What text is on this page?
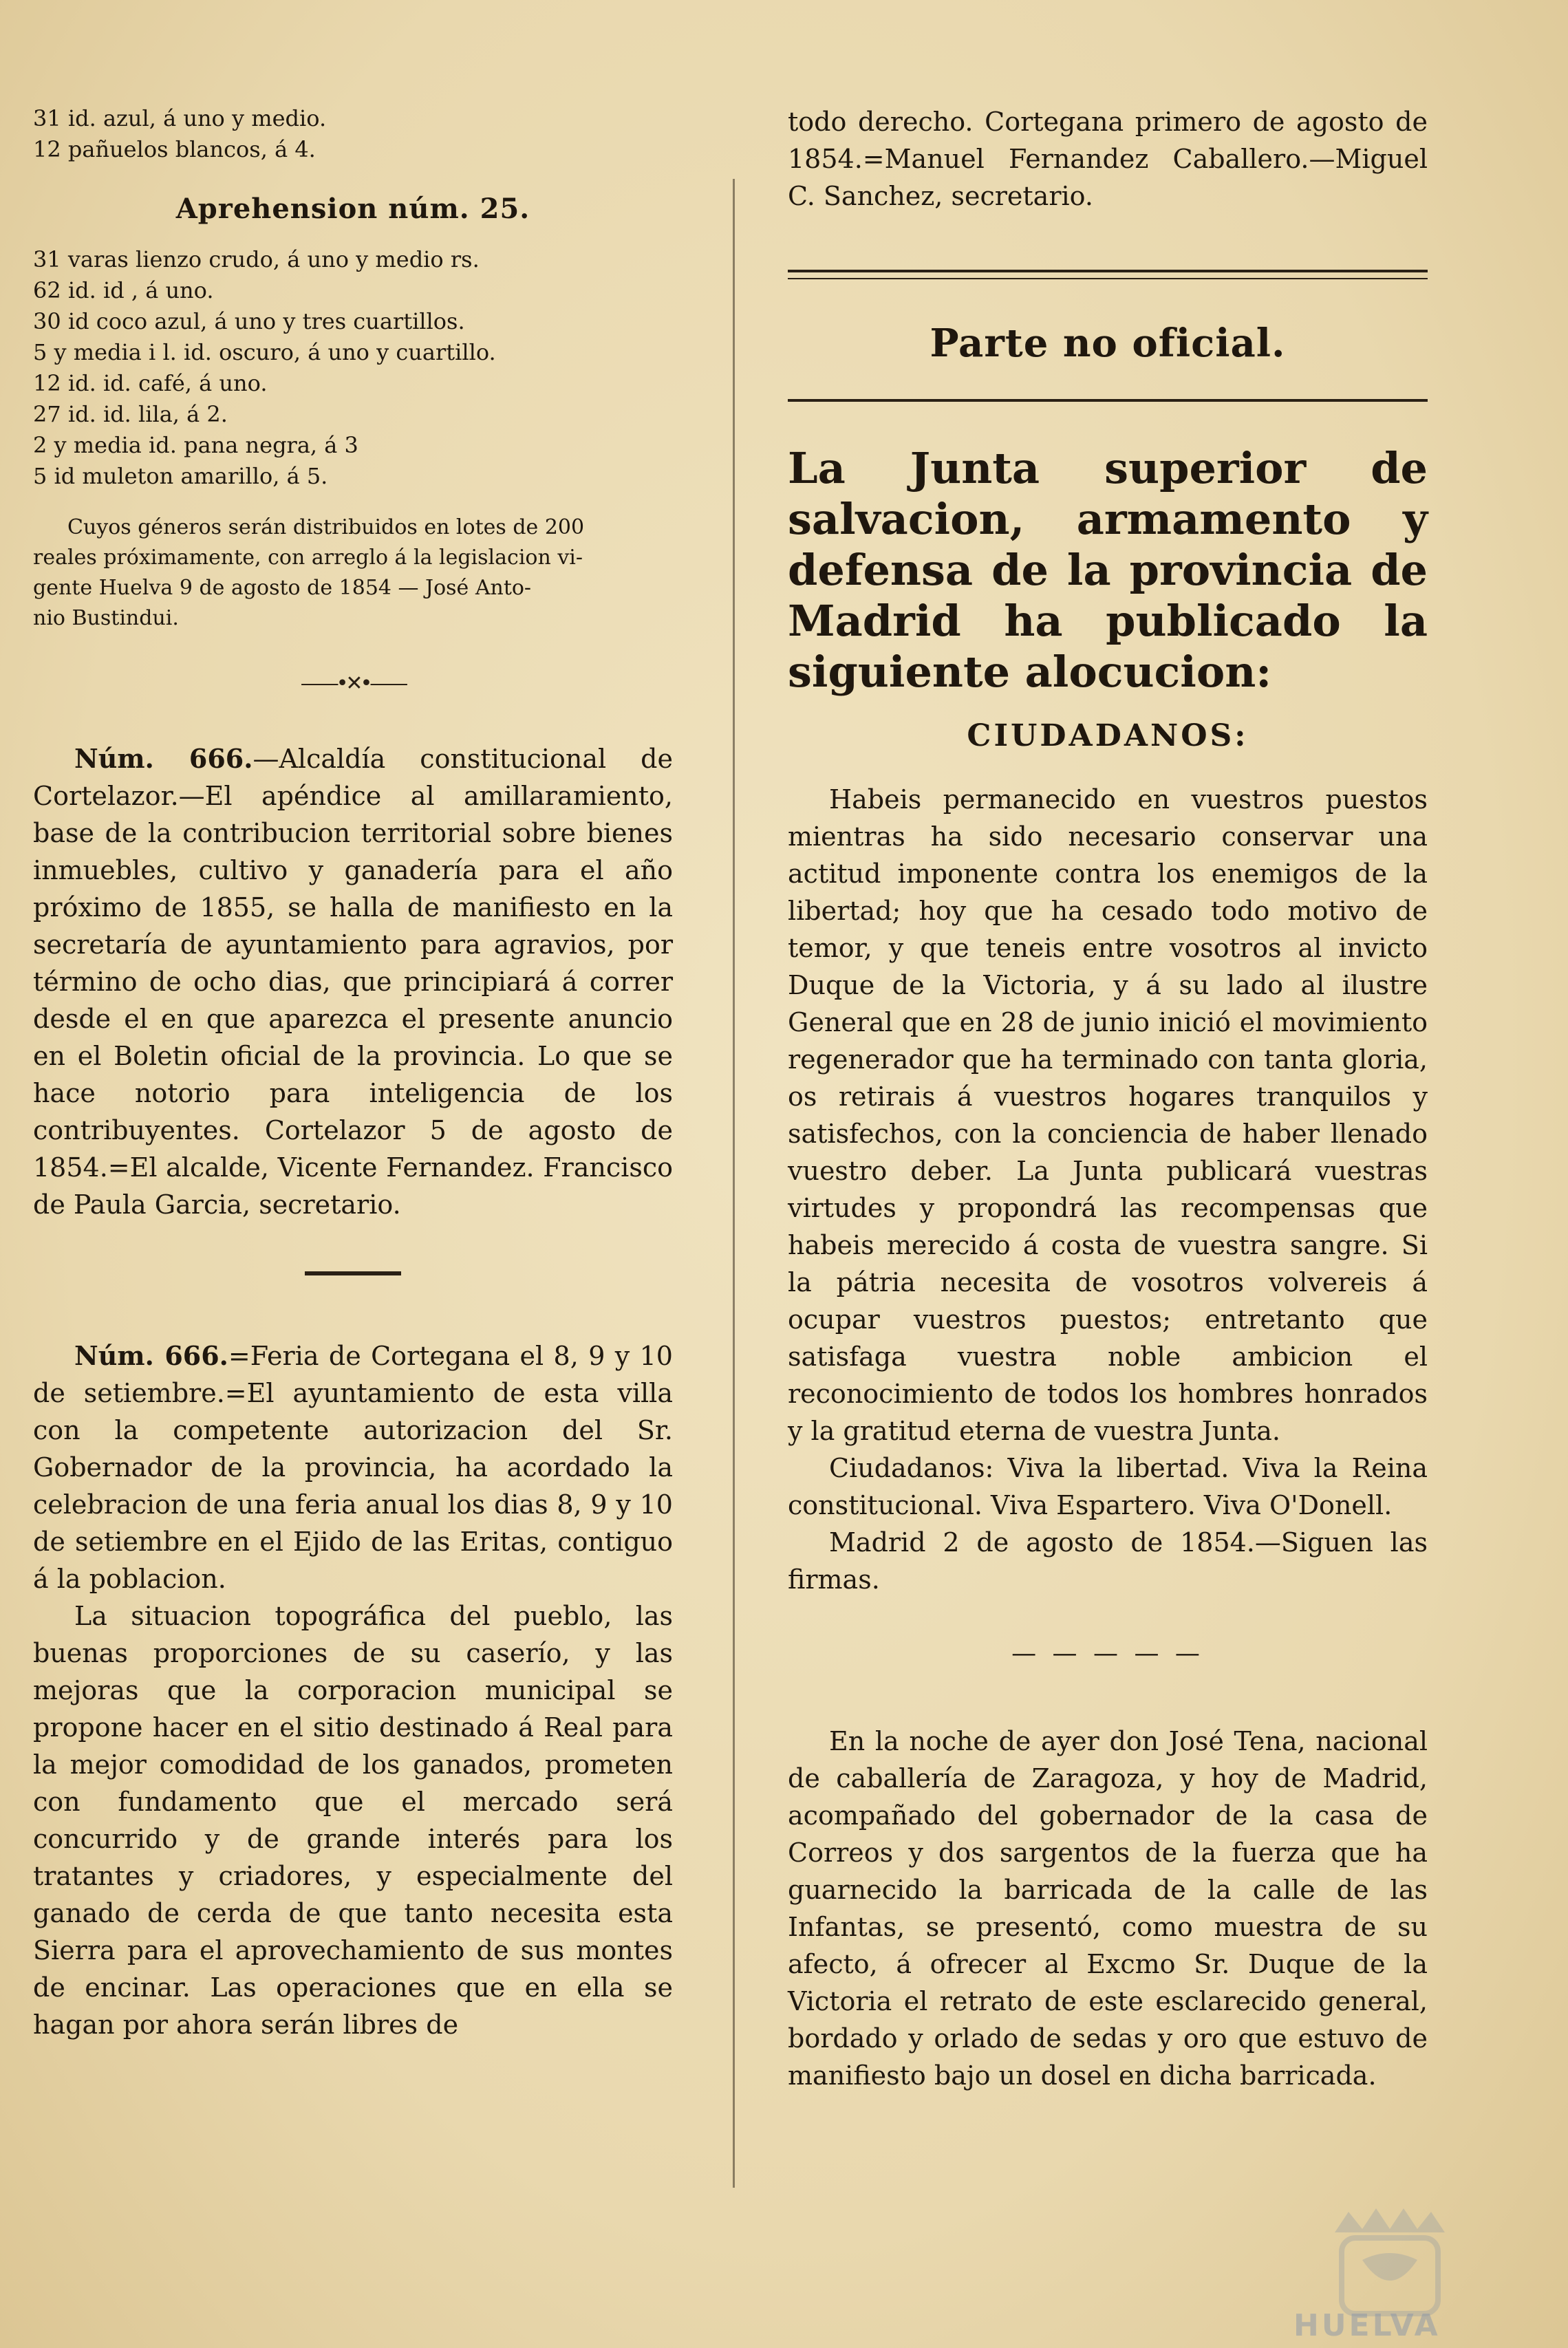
31 id. azul, á uno y medio.

12 pañuelos blancos, á 4.

Aprehension núm. 25.

31 varas lienzo crudo, á uno y medio rs.

62 id. id , á uno.

30 id coco azul, á uno y tres cuartillos.

5 y media i l. id. oscuro, á uno y cuartillo.

12 id. id. café, á uno.

27 id. id. lila, á 2.

2 y media id. pana negra, á 3

5 id muleton amarillo, á 5.

Cuyos géneros serán distribuidos en lotes de 200

reales próximamente, con arreglo á la legislacion vi-

gente Huelva 9 de agosto de 1854 — José Anto-

nio Bustindui.

——•✕•——

Núm. 666.—Alcaldía constitucional de Cortelazor.—El apéndice al amillaramiento, base de la contribucion territorial sobre bienes inmuebles, cultivo y ganadería para el año próximo de 1855, se halla de manifiesto en la secretaría de ayuntamiento para agravios, por término de ocho dias, que principiará á correr desde el en que aparezca el presente anuncio en el Boletin oficial de la provincia. Lo que se hace notorio para inteligencia de los contribuyentes. Cortelazor 5 de agosto de 1854.=El alcalde, Vicente Fernandez. Francisco de Paula Garcia, secretario.

Núm. 666.=Feria de Cortegana el 8, 9 y 10 de setiembre.=El ayuntamiento de esta villa con la competente autorizacion del Sr. Gobernador de la provincia, ha acordado la celebracion de una feria anual los dias 8, 9 y 10 de setiembre en el Ejido de las Eritas, contiguo á la poblacion.

La situacion topográfica del pueblo, las buenas proporciones de su caserío, y las mejoras que la corporacion municipal se propone hacer en el sitio destinado á Real para la mejor comodidad de los ganados, prometen con fundamento que el mercado será concurrido y de grande interés para los tratantes y criadores, y especialmente del ganado de cerda de que tanto necesita esta Sierra para el aprovechamiento de sus montes de encinar. Las operaciones que en ella se hagan por ahora serán libres de

todo derecho. Cortegana primero de agosto de 1854.=Manuel Fernandez Caballero.—Miguel C. Sanchez, secretario.

Parte no oficial.

La Junta superior de salvacion, armamento y defensa de la provincia de Madrid ha publicado la siguiente alocucion:

CIUDADANOS:

Habeis permanecido en vuestros puestos mientras ha sido necesario conservar una actitud imponente contra los enemigos de la libertad; hoy que ha cesado todo motivo de temor, y que teneis entre vosotros al invicto Duque de la Victoria, y á su lado al ilustre General que en 28 de junio inició el movimiento regenerador que ha terminado con tanta gloria, os retirais á vuestros hogares tranquilos y satisfechos, con la conciencia de haber llenado vuestro deber. La Junta publicará vuestras virtudes y propondrá las recompensas que habeis merecido á costa de vuestra sangre. Si la pátria necesita de vosotros volvereis á ocupar vuestros puestos; entretanto que satisfaga vuestra noble ambicion el reconocimiento de todos los hombres honrados y la gratitud eterna de vuestra Junta.

Ciudadanos: Viva la libertad. Viva la Reina constitucional. Viva Espartero. Viva O'Donell.

Madrid 2 de agosto de 1854.—Siguen las firmas.

— — — — —

En la noche de ayer don José Tena, nacional de caballería de Zaragoza, y hoy de Madrid, acompañado del gobernador de la casa de Correos y dos sargentos de la fuerza que ha guarnecido la barricada de la calle de las Infantas, se presentó, como muestra de su afecto, á ofrecer al Excmo Sr. Duque de la Victoria el retrato de este esclarecido general, bordado y orlado de sedas y oro que estuvo de manifiesto bajo un dosel en dicha barricada.

HUELVA
